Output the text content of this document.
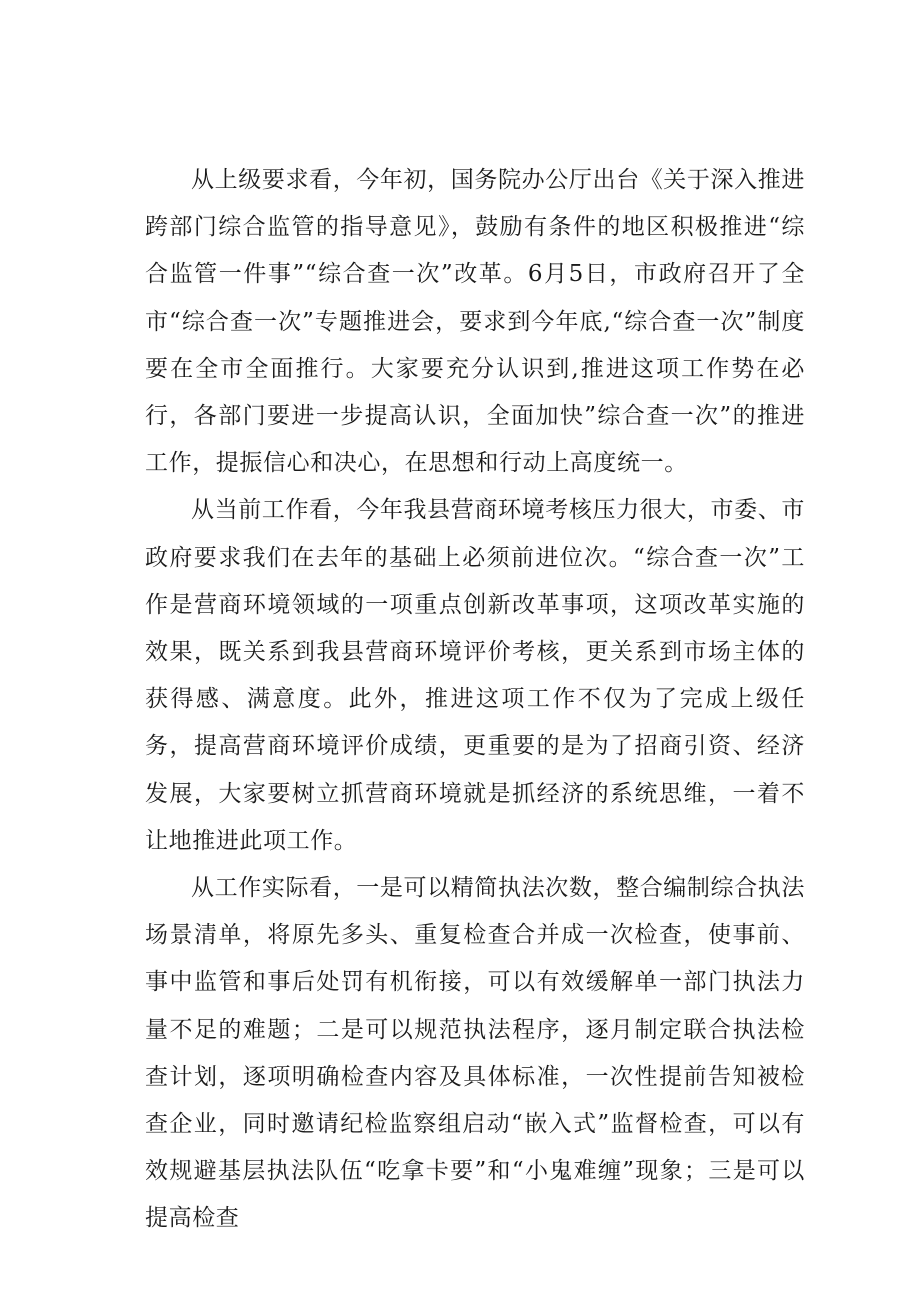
从上级要求看，今年初，国务院办公厅出台《关于深入推进跨部门综合监管的指导意见》，鼓励有条件的地区积极推进“综合监管一件事”“综合查一次”改革。6月5日，市政府召开了全市“综合查一次”专题推进会，要求到今年底,“综合查一次”制度要在全市全面推行。大家要充分认识到,推进这项工作势在必行，各部门要进一步提高认识，全面加快”综合查一次”的推进工作，提振信心和决心，在思想和行动上高度统一。

从当前工作看，今年我县营商环境考核压力很大，市委、市政府要求我们在去年的基础上必须前进位次。“综合查一次”工作是营商环境领域的一项重点创新改革事项，这项改革实施的效果，既关系到我县营商环境评价考核，更关系到市场主体的获得感、满意度。此外，推进这项工作不仅为了完成上级任务，提高营商环境评价成绩，更重要的是为了招商引资、经济发展，大家要树立抓营商环境就是抓经济的系统思维，一着不让地推进此项工作。

从工作实际看，一是可以精简执法次数，整合编制综合执法场景清单，将原先多头、重复检查合并成一次检查，使事前、事中监管和事后处罚有机衔接，可以有效缓解单一部门执法力量不足的难题；二是可以规范执法程序，逐月制定联合执法检查计划，逐项明确检查内容及具体标准，一次性提前告知被检查企业，同时邀请纪检监察组启动“嵌入式”监督检查，可以有效规避基层执法队伍“吃拿卡要”和“小鬼难缠”现象；三是可以提高检查
